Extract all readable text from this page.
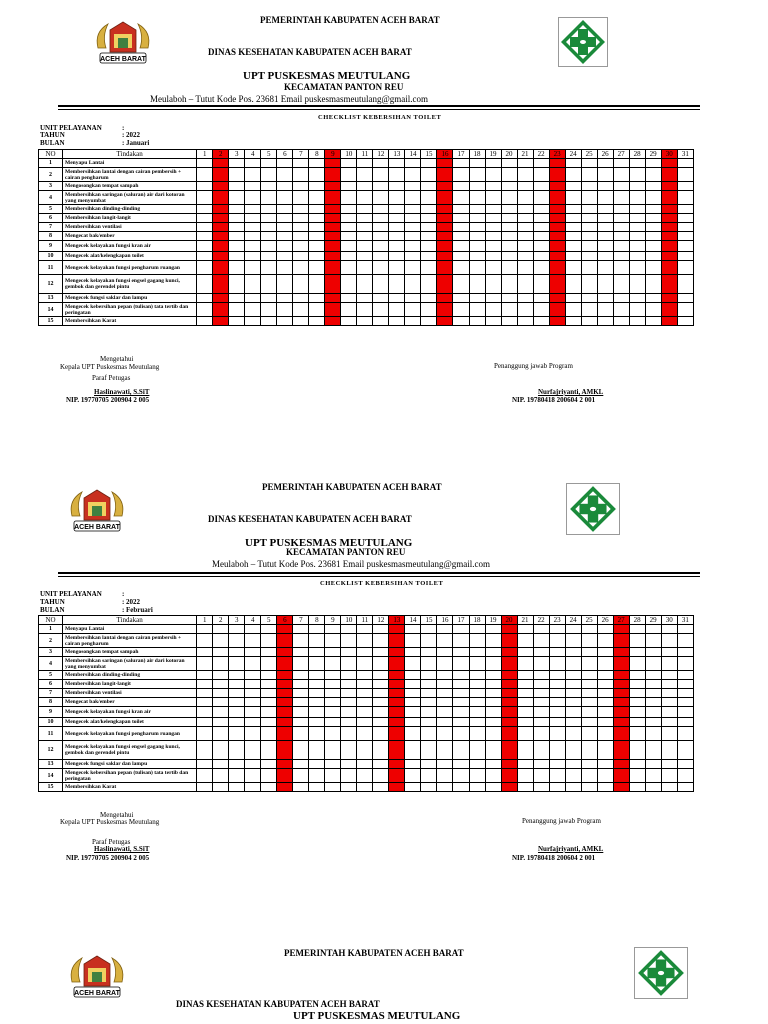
ACEH BARAT
PEMERINTAH KABUPATEN ACEH BARAT
DINAS KESEHATAN KABUPATEN ACEH BARAT
UPT PUSKESMAS MEUTULANG
KECAMATAN PANTON REU
Meulaboh – Tutut Kode Pos. 23681 Email puskesmasmeutulang@gmail.com
CHECKLIST KEBERSIHAN TOILET
UNIT PELAYANAN	:
TAHUN	: 2022
BULAN	: Januari
NO	Tindakan	1	2	3	4	5	6	7	8	9	10	11	12	13	14	15	16	17	18	19	20	21	22	23	24	25	26	27	28	29	30	31
1	Menyapu Lantai																															
2	Membersihkan lantai dengan cairan pembersih + cairan pengharum																															
3	Mengosongkan tempat sampah																															
4	Membersihkan saringan (saluran) air dari kotoran yang menyumbat																															
5	Membersihkan dinding-dinding																															
6	Membersihkan langit-langit																															
7	Membersihkan ventilasi																															
8	Mengecat bak/ember																															
9	Mengecek kelayakan fungsi kran air																															
10	Mengecek alat/kelengkapan toilet																															
11	Mengecek kelayakan fungsi pengharum ruangan																															
12	Mengecek kelayakan fungsi engsel gagang kunci, gembok dan gerendel pintu																															
13	Mengecek fungsi saklar dan lampu																															
14	Mengecek kebersihan pepan (tulisan) tata tertib dan peringatan																															
15	Membersihkan Karat																															
Kepala UPT Puskesmas Meutulang
Mengetahui
Paraf Petugas
Haslinawati, S.SiT
NIP. 19770705 200904 2 005
Penanggung jawab Program
Nurfajriyanti, AMKL
NIP. 19780418 200604 2 001
ACEH BARAT
PEMERINTAH KABUPATEN ACEH BARAT
DINAS KESEHATAN KABUPATEN ACEH BARAT
UPT PUSKESMAS MEUTULANG
KECAMATAN PANTON REU
Meulaboh – Tutut Kode Pos. 23681 Email puskesmasmeutulang@gmail.com
CHECKLIST KEBERSIHAN TOILET
UNIT PELAYANAN	:
TAHUN	: 2022
BULAN	: Februari
NO	Tindakan	1	2	3	4	5	6	7	8	9	10	11	12	13	14	15	16	17	18	19	20	21	22	23	24	25	26	27	28	29	30	31
1	Menyapu Lantai																															
2	Membersihkan lantai dengan cairan pembersih + cairan pengharum																															
3	Mengosongkan tempat sampah																															
4	Membersihkan saringan (saluran) air dari kotoran yang menyumbat																															
5	Membersihkan dinding-dinding																															
6	Membersihkan langit-langit																															
7	Membersihkan ventilasi																															
8	Mengecat bak/ember																															
9	Mengecek kelayakan fungsi kran air																															
10	Mengecek alat/kelengkapan toilet																															
11	Mengecek kelayakan fungsi pengharum ruangan																															
12	Mengecek kelayakan fungsi engsel gagang kunci, gembok dan gerendel pintu																															
13	Mengecek fungsi saklar dan lampu																															
14	Mengecek kebersihan pepan (tulisan) tata tertib dan peringatan																															
15	Membersihkan Karat																															
Kepala UPT Puskesmas Meutulang
Mengetahui
Paraf Petugas
Haslinawati, S.SiT
NIP. 19770705 200904 2 005
Penanggung jawab Program
Nurfajriyanti, AMKL
NIP. 19780418 200604 2 001
ACEH BARAT
PEMERINTAH KABUPATEN ACEH BARAT
DINAS KESEHATAN KABUPATEN ACEH BARAT
UPT PUSKESMAS MEUTULANG
